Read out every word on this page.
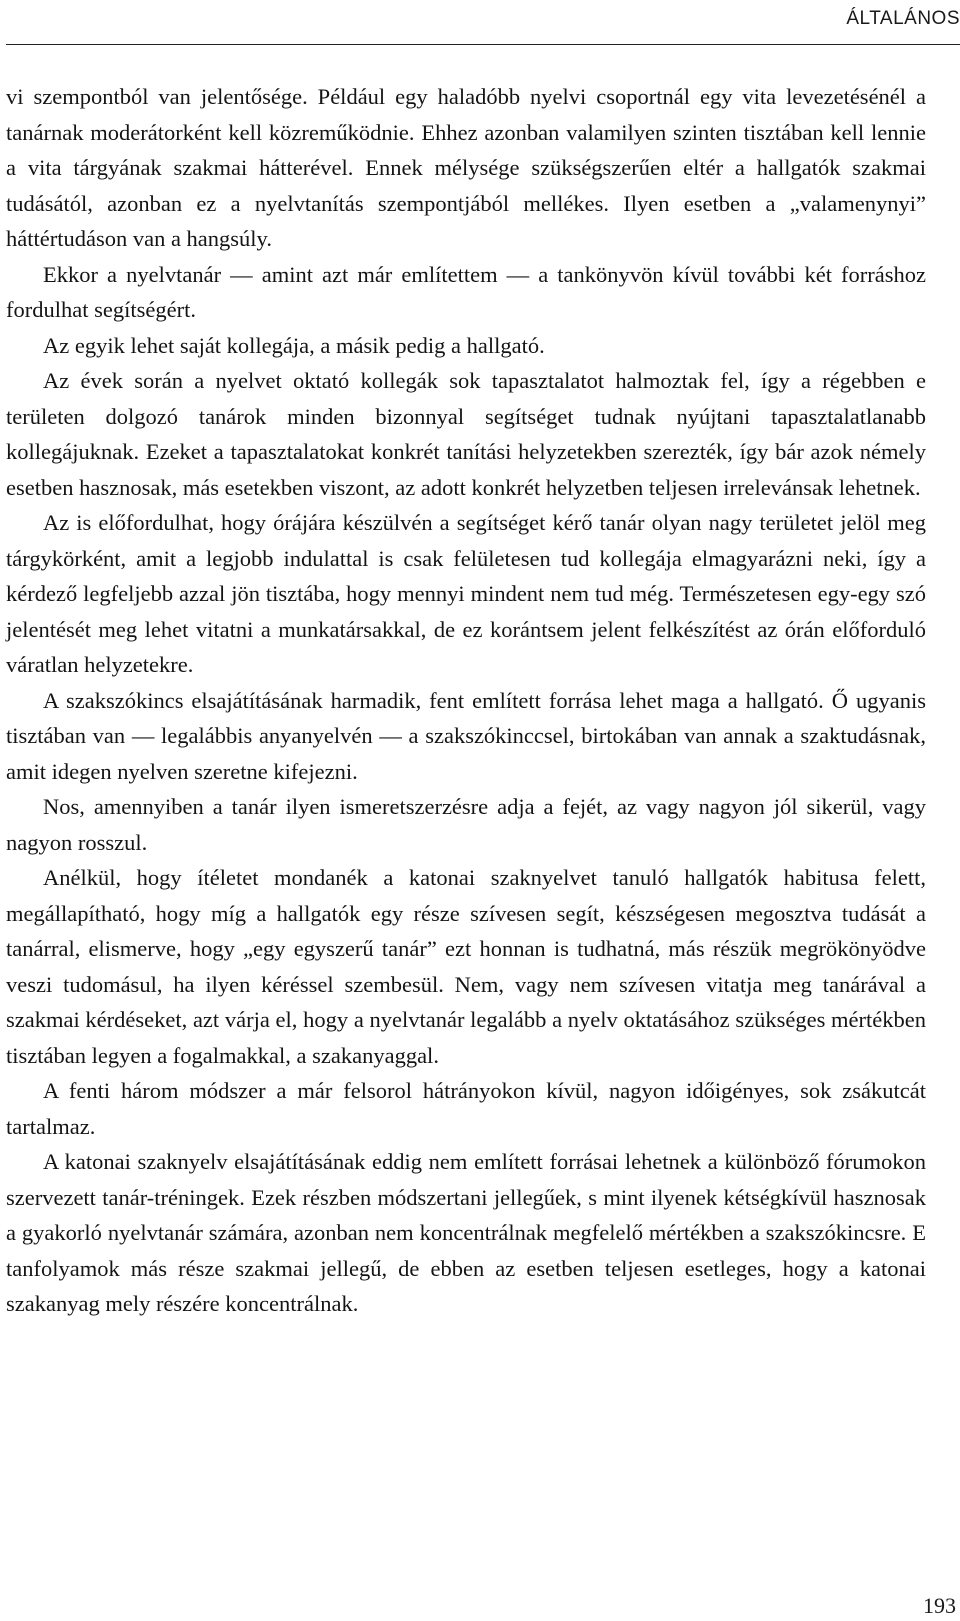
ÁLTALÁNOS

vi szempontból van jelentősége. Például egy haladóbb nyelvi csoportnál egy vita levezetésénél a tanárnak moderátorként kell közreműködnie. Ehhez azonban valamilyen szinten tisztában kell lennie a vita tárgyának szakmai hátterével. Ennek mélysége szükségszerűen eltér a hallgatók szakmai tudásától, azonban ez a nyelvtanítás szempontjából mellékes. Ilyen esetben a „valamenynyi” háttértudáson van a hangsúly.

Ekkor a nyelvtanár — amint azt már említettem — a tankönyvön kívül további két forráshoz fordulhat segítségért.

Az egyik lehet saját kollegája, a másik pedig a hallgató.

Az évek során a nyelvet oktató kollegák sok tapasztalatot halmoztak fel, így a régebben e területen dolgozó tanárok minden bizonnyal segítséget tudnak nyújtani tapasztalatlanabb kollegájuknak. Ezeket a tapasztalatokat konkrét tanítási helyzetekben szerezték, így bár azok némely esetben hasznosak, más esetekben viszont, az adott konkrét helyzetben teljesen irrelevánsak lehetnek.

Az is előfordulhat, hogy órájára készülvén a segítséget kérő tanár olyan nagy területet jelöl meg tárgykörként, amit a legjobb indulattal is csak felületesen tud kollegája elmagyarázni neki, így a kérdező legfeljebb azzal jön tisztába, hogy mennyi mindent nem tud még. Természetesen egy-egy szó jelentését meg lehet vitatni a munkatársakkal, de ez korántsem jelent felkészítést az órán előforduló váratlan helyzetekre.

A szakszókincs elsajátításának harmadik, fent említett forrása lehet maga a hallgató. Ő ugyanis tisztában van — legalábbis anyanyelvén — a szakszókinccsel, birtokában van annak a szaktudásnak, amit idegen nyelven szeretne kifejezni.

Nos, amennyiben a tanár ilyen ismeretszerzésre adja a fejét, az vagy nagyon jól sikerül, vagy nagyon rosszul.

Anélkül, hogy ítéletet mondanék a katonai szaknyelvet tanuló hallgatók habitusa felett, megállapítható, hogy míg a hallgatók egy része szívesen segít, készségesen megosztva tudását a tanárral, elismerve, hogy „egy egyszerű tanár” ezt honnan is tudhatná, más részük megrökönyödve veszi tudomásul, ha ilyen kéréssel szembesül. Nem, vagy nem szívesen vitatja meg tanárával a szakmai kérdéseket, azt várja el, hogy a nyelvtanár legalább a nyelv oktatásához szükséges mértékben tisztában legyen a fogalmakkal, a szakanyaggal.

A fenti három módszer a már felsorol hátrányokon kívül, nagyon időigényes, sok zsákutcát tartalmaz.

A katonai szaknyelv elsajátításának eddig nem említett forrásai lehetnek a különböző fórumokon szervezett tanár-tréningek. Ezek részben módszertani jellegűek, s mint ilyenek kétségkívül hasznosak a gyakorló nyelvtanár számára, azonban nem koncentrálnak megfelelő mértékben a szakszókincsre. E tanfolyamok más része szakmai jellegű, de ebben az esetben teljesen esetleges, hogy a katonai szakanyag mely részére koncentrálnak.

193
